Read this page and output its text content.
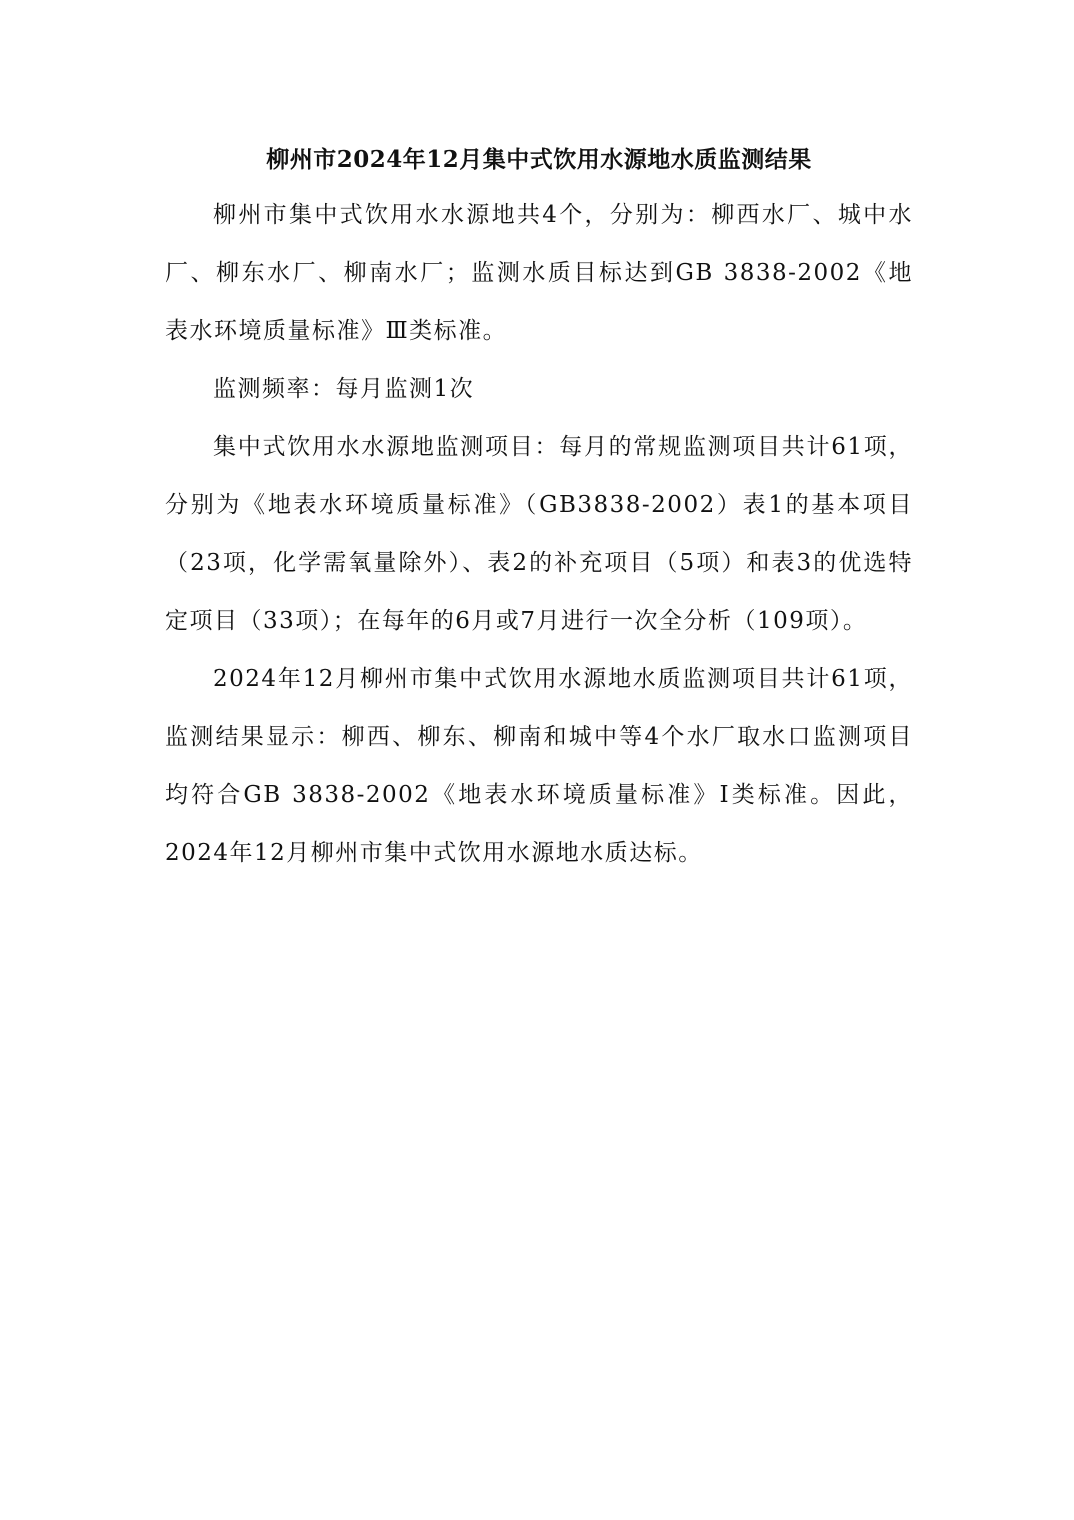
柳州市2024年12月集中式饮用水源地水质监测结果

柳州市集中式饮用水水源地共4个，分别为：柳西水厂、城中水厂、柳东水厂、柳南水厂；监测水质目标达到GB 3838-2002《地表水环境质量标准》Ⅲ类标准。

监测频率：每月监测1次

集中式饮用水水源地监测项目：每月的常规监测项目共计61项，分别为《地表水环境质量标准》（GB3838-2002）表1的基本项目（23项，化学需氧量除外）、表2的补充项目（5项）和表3的优选特定项目（33项）；在每年的6月或7月进行一次全分析（109项）。

2024年12月柳州市集中式饮用水源地水质监测项目共计61项，监测结果显示：柳西、柳东、柳南和城中等4个水厂取水口监测项目均符合GB 3838-2002《地表水环境质量标准》Ⅰ类标准。因此，2024年12月柳州市集中式饮用水源地水质达标。
